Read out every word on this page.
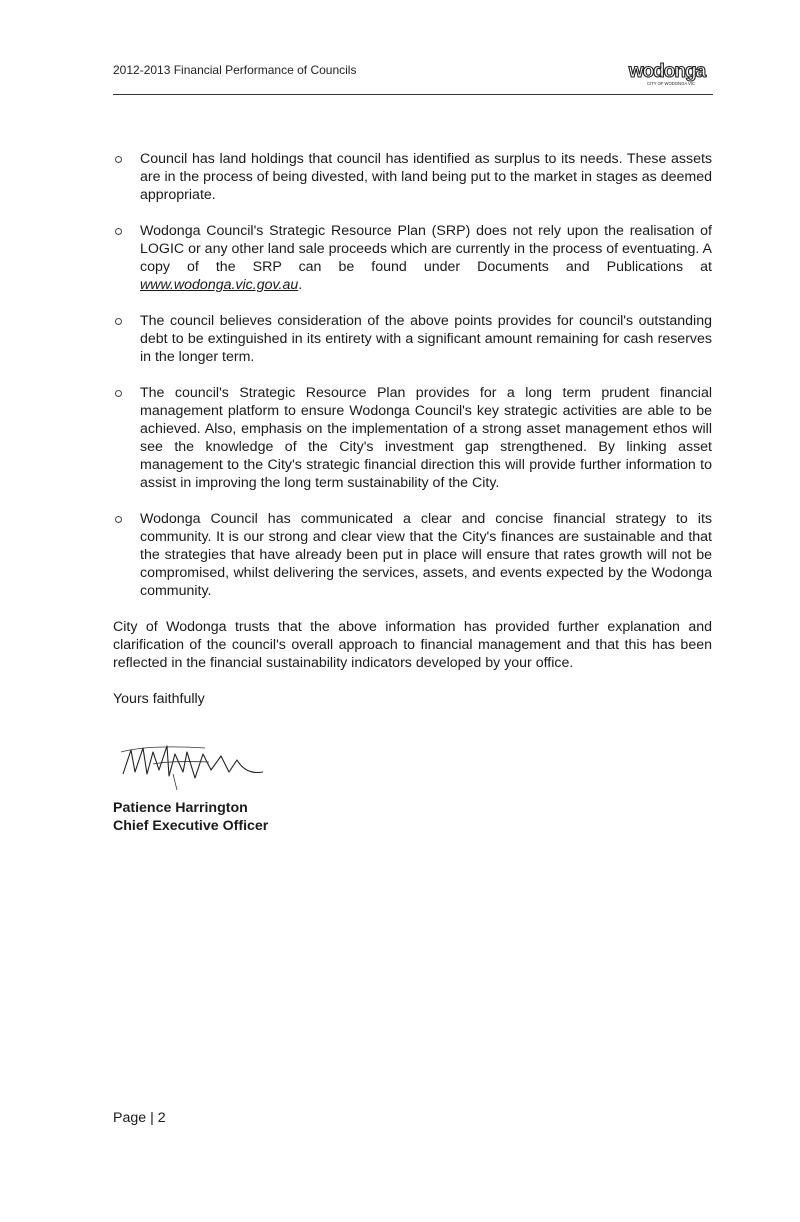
2012-2013 Financial Performance of Councils	wodonga
CITY OF WODONGA VIC
Council has land holdings that council has identified as surplus to its needs. These assets are in the process of being divested, with land being put to the market in stages as deemed appropriate.
Wodonga Council's Strategic Resource Plan (SRP) does not rely upon the realisation of LOGIC or any other land sale proceeds which are currently in the process of eventuating. A copy of the SRP can be found under Documents and Publications at www.wodonga.vic.gov.au.
The council believes consideration of the above points provides for council's outstanding debt to be extinguished in its entirety with a significant amount remaining for cash reserves in the longer term.
The council's Strategic Resource Plan provides for a long term prudent financial management platform to ensure Wodonga Council's key strategic activities are able to be achieved. Also, emphasis on the implementation of a strong asset management ethos will see the knowledge of the City's investment gap strengthened. By linking asset management to the City's strategic financial direction this will provide further information to assist in improving the long term sustainability of the City.
Wodonga Council has communicated a clear and concise financial strategy to its community. It is our strong and clear view that the City's finances are sustainable and that the strategies that have already been put in place will ensure that rates growth will not be compromised, whilst delivering the services, assets, and events expected by the Wodonga community.

City of Wodonga trusts that the above information has provided further explanation and clarification of the council's overall approach to financial management and that this has been reflected in the financial sustainability indicators developed by your office.

Yours faithfully

Patience Harrington

Chief Executive Officer

Page | 2
